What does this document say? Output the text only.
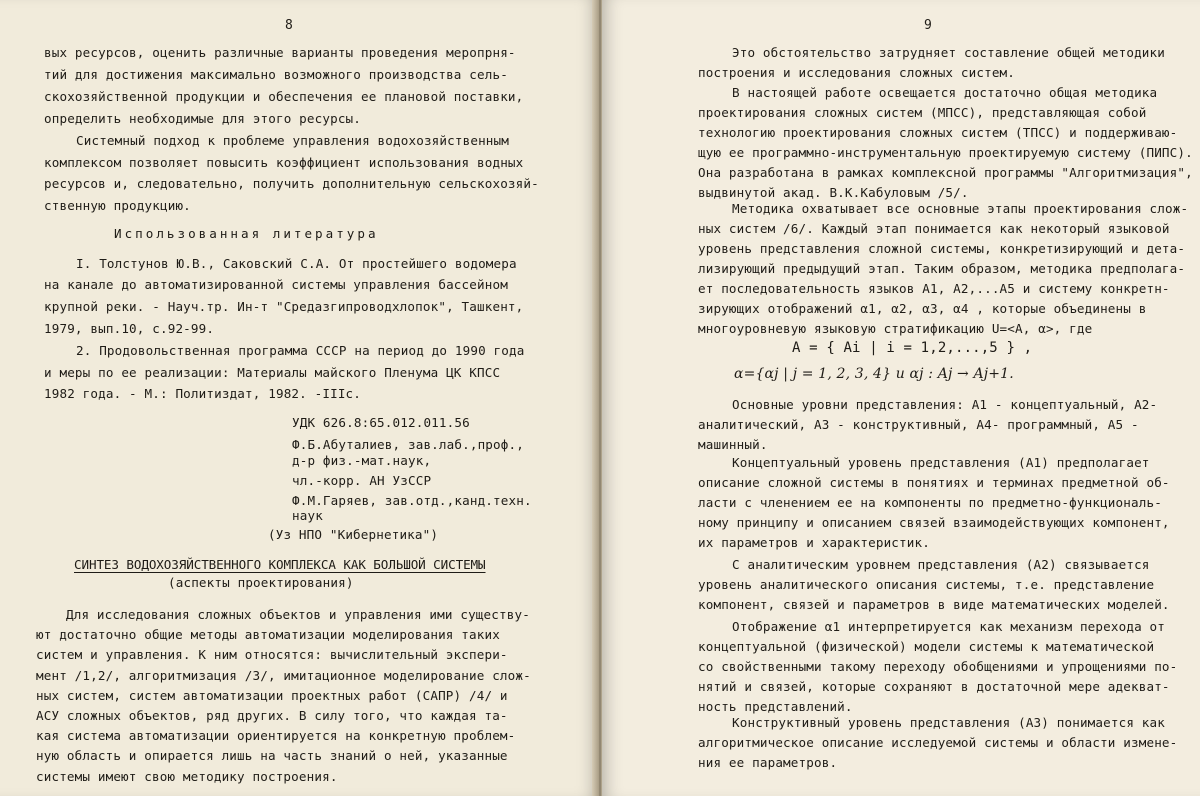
8
вых ресурсов, оценить различные варианты проведения меропрня-
тий для достижения максимально возможного производства сель-
скохозяйственной продукции и обеспечения ее плановой поставки,
определить необходимые для этого ресурсы.
Системный подход к проблеме управления водохозяйственным
комплексом позволяет повысить коэффициент использования водных
ресурсов и, следовательно, получить дополнительную сельскохозяй-
ственную продукцию.
Использованная литература
I. Толстунов Ю.В., Саковский С.А. От простейшего водомера
на канале до автоматизированной системы управления бассейном
крупной реки. - Науч.тр. Ин-т "Средазгипроводхлопок", Ташкент,
1979, вып.10, с.92-99.
2. Продовольственная программа СССР на период до 1990 года
и меры по ее реализации: Материалы майского Пленума ЦК КПСС
1982 года. - М.: Политиздат, 1982. -IIIс.
УДК 626.8:65.012.011.56
Ф.Б.Абуталиев, зав.лаб.,проф.,
д-р физ.-мат.наук,
чл.-корр. АН УзССР
Ф.М.Гаряев, зав.отд.,канд.техн.
наук
(Уз НПО "Кибернетика")
СИНТЕЗ ВОДОХОЗЯЙСТВЕННОГО КОМПЛЕКСА КАК БОЛЬШОЙ СИСТЕМЫ
(аспекты проектирования)
Для исследования сложных объектов и управления ими существу-
ют достаточно общие методы автоматизации моделирования таких
систем и управления. К ним относятся: вычислительный экспери-
мент /1,2/, алгоритмизация /3/, имитационное моделирование слож-
ных систем, систем автоматизации проектных работ (САПР) /4/ и
АСУ сложных объектов, ряд других. В силу того, что каждая та-
кая система автоматизации ориентируется на конкретную проблем-
ную область и опирается лишь на часть знаний о ней, указанные
системы имеют свою методику построения.
9
Это обстоятельство затрудняет составление общей методики
построения и исследования сложных систем.
В настоящей работе освещается достаточно общая методика
проектирования сложных систем (МПСС), представляющая собой
технологию проектирования сложных систем (ТПСС) и поддерживаю-
щую ее программно-инструментальную проектируемую систему (ПИПС).
Она разработана в рамках комплексной программы "Алгоритмизация",
выдвинутой акад. В.К.Кабуловым /5/.
Методика охватывает все основные этапы проектирования слож-
ных систем /6/. Каждый этап понимается как некоторый языковой
уровень представления сложной системы, конкретизирующий и дета-
лизирующий предыдущий этап. Таким образом, методика предполага-
ет последовательность языков A1, A2,...A5 и систему конкретн-
зирующих отображений α1, α2, α3, α4 , которые объединены в
многоуровневую языковую стратификацию U=<A, α>, где
A = { Ai | i = 1,2,...,5 } ,
α={αj | j = 1, 2, 3, 4} и αj : Aj → Aj+1.
Основные уровни представления: A1 - концептуальный, A2-
аналитический, A3 - конструктивный, A4- программный, A5 -
машинный.
Концептуальный уровень представления (A1) предполагает
описание сложной системы в понятиях и терминах предметной об-
ласти с членением ее на компоненты по предметно-функциональ-
ному принципу и описанием связей взаимодействующих компонент,
их параметров и характеристик.
С аналитическим уровнем представления (A2) связывается
уровень аналитического описания системы, т.е. представление
компонент, связей и параметров в виде математических моделей.
Отображение α1 интерпретируется как механизм перехода от
концептуальной (физической) модели системы к математической
со свойственными такому переходу обобщениями и упрощениями по-
нятий и связей, которые сохраняют в достаточной мере адекват-
ность представлений.
Конструктивный уровень представления (A3) понимается как
алгоритмическое описание исследуемой системы и области измене-
ния ее параметров.
